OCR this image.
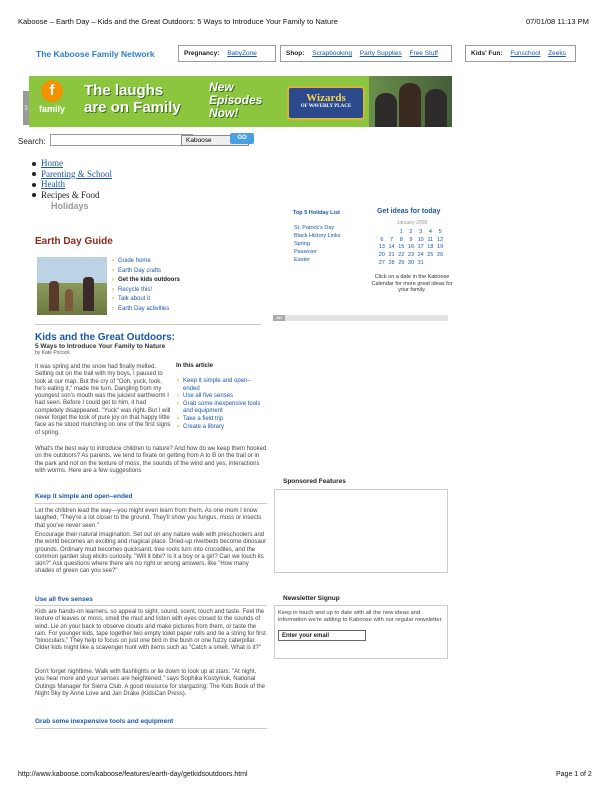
Kaboose – Earth Day – Kids and the Great Outdoors: 5 Ways to Introduce Your Family to Nature	07/01/08 11:13 PM
The Kaboose Family Network	Pregnancy: BabyZone	Shop: Scrapbooking Party Supplies Free Stuff	Kids' Fun: Funschool Zeeks
f
family
The laughs
are on Family
New
Episodes
Now!
Wizards
OF WAVERLY PLACE
AD
Search:
Kaboose	GO
Home
Parenting & School
Health
Recipes & Food
Holidays
Earth Day Guide
› Guide home
› Earth Day crafts
› Get the kids outdoors
› Recycle this!
› Talk about it
› Earth Day activities
Kids and the Great Outdoors:
5 Ways to Introduce Your Family to Nature
by Kate Pocock

It was spring and the snow had finally melted. Setting out on the trail with my boys, I paused to look at our map. But the cry of "Ooh, yuck, look, he's eating it," made me turn. Dangling from my youngest son's mouth was the juiciest earthworm I had seen. Before I could get to him, it had completely disappeared. "Yuck" was right. But I will never forget the look of pure joy on that happy little face as he stood munching on one of the first signs of spring.

In this article
› Keep it simple and open–ended
› Use all five senses
› Grab some inexpensive tools and equipment
› Take a field trip
› Create a library

What's the best way to introduce children to nature? And how do we keep them hooked on the outdoors? As parents, we tend to fixate on getting from A to B on the trail or in the park and not on the texture of moss, the sounds of the wind and yes, interactions with worms. Here are a few suggestions

Keep it simple and open–ended

Let the children lead the way—you might even learn from them. As one mom I know laughed, "They're a lot closer to the ground. They'll show you fungus, moss or insects that you've never seen."

Encourage their natural imagination. Set out on any nature walk with preschoolers and the world becomes an exciting and magical place. Dried-up riverbeds become dinosaur grounds. Ordinary mud becomes quicksand, tree roots turn into crocodiles, and the common garden slug elicits curiosity. "Will it bite? Is it a boy or a girl? Can we touch its skin?" Ask questions where there are no right or wrong answers, like "How many shades of green can you see?"

Use all five senses

Kids are hands-on learners, so appeal to sight, sound, scent, touch and taste. Feel the texture of leaves or moss, smell the mud and listen with eyes closed to the sounds of wind. Lie on your back to observe clouds and make pictures from them, or taste the rain. For younger kids, tape together two empty toilet paper rolls and tie a string for first "binoculars." They help to focus on just one bird in the bush or one fuzzy caterpillar. Older kids might like a scavenger hunt with items such as "Catch a smell. What is it?"

Don't forget nighttime. Walk with flashlights or lie down to look up at stars. "At night, you hear more and your senses are heightened," says Sophika Kostyniuk, National Outings Manager for Sierra Club. A good resource for stargazing: The Kids Book of the Night Sky by Anne Love and Jan Drake (KidsCan Press).

Grab some inexpensive tools and equipment
Top 5 Holiday List
St. Patrick's Day
Black History Links
Spring
Passover
Easter
Get ideas for today
January 2008
		1	2	3	4	5
6	7	8	9	10	11	12
13	14	15	16	17	18	19
20	21	22	23	24	25	26
27	28	29	30	31		
Click on a date in the Kaboose Calendar for more great ideas for your family.
AD
Sponsored Features
Newsletter Signup

Keep in touch and up to date with all the new ideas and information we're adding to Kaboose with our regular newsletter.

Enter your email
http://www.kaboose.com/kaboose/features/earth-day/getkidsoutdoors.html	Page 1 of 2
